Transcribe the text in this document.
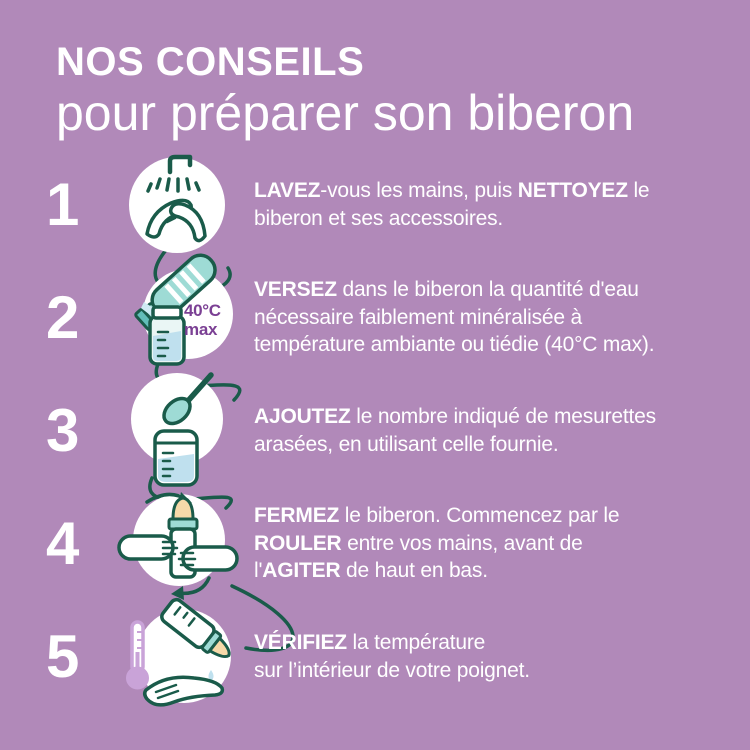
NOS CONSEILS
pour préparer son biberon
1	LAVEZ-vous les mains, puis NETTOYEZ le
biberon et ses accessoires.
2	40°C
max
VERSEZ dans le biberon la quantité d'eau
nécessaire faiblement minéralisée à
température ambiante ou tiédie (40°C max).
3	AJOUTEZ le nombre indiqué de mesurettes
arasées, en utilisant celle fournie.
4	FERMEZ le biberon. Commencez par le
ROULER entre vos mains, avant de
l'AGITER de haut en bas.
5	VÉRIFIEZ la température
sur l’intérieur de votre poignet.
